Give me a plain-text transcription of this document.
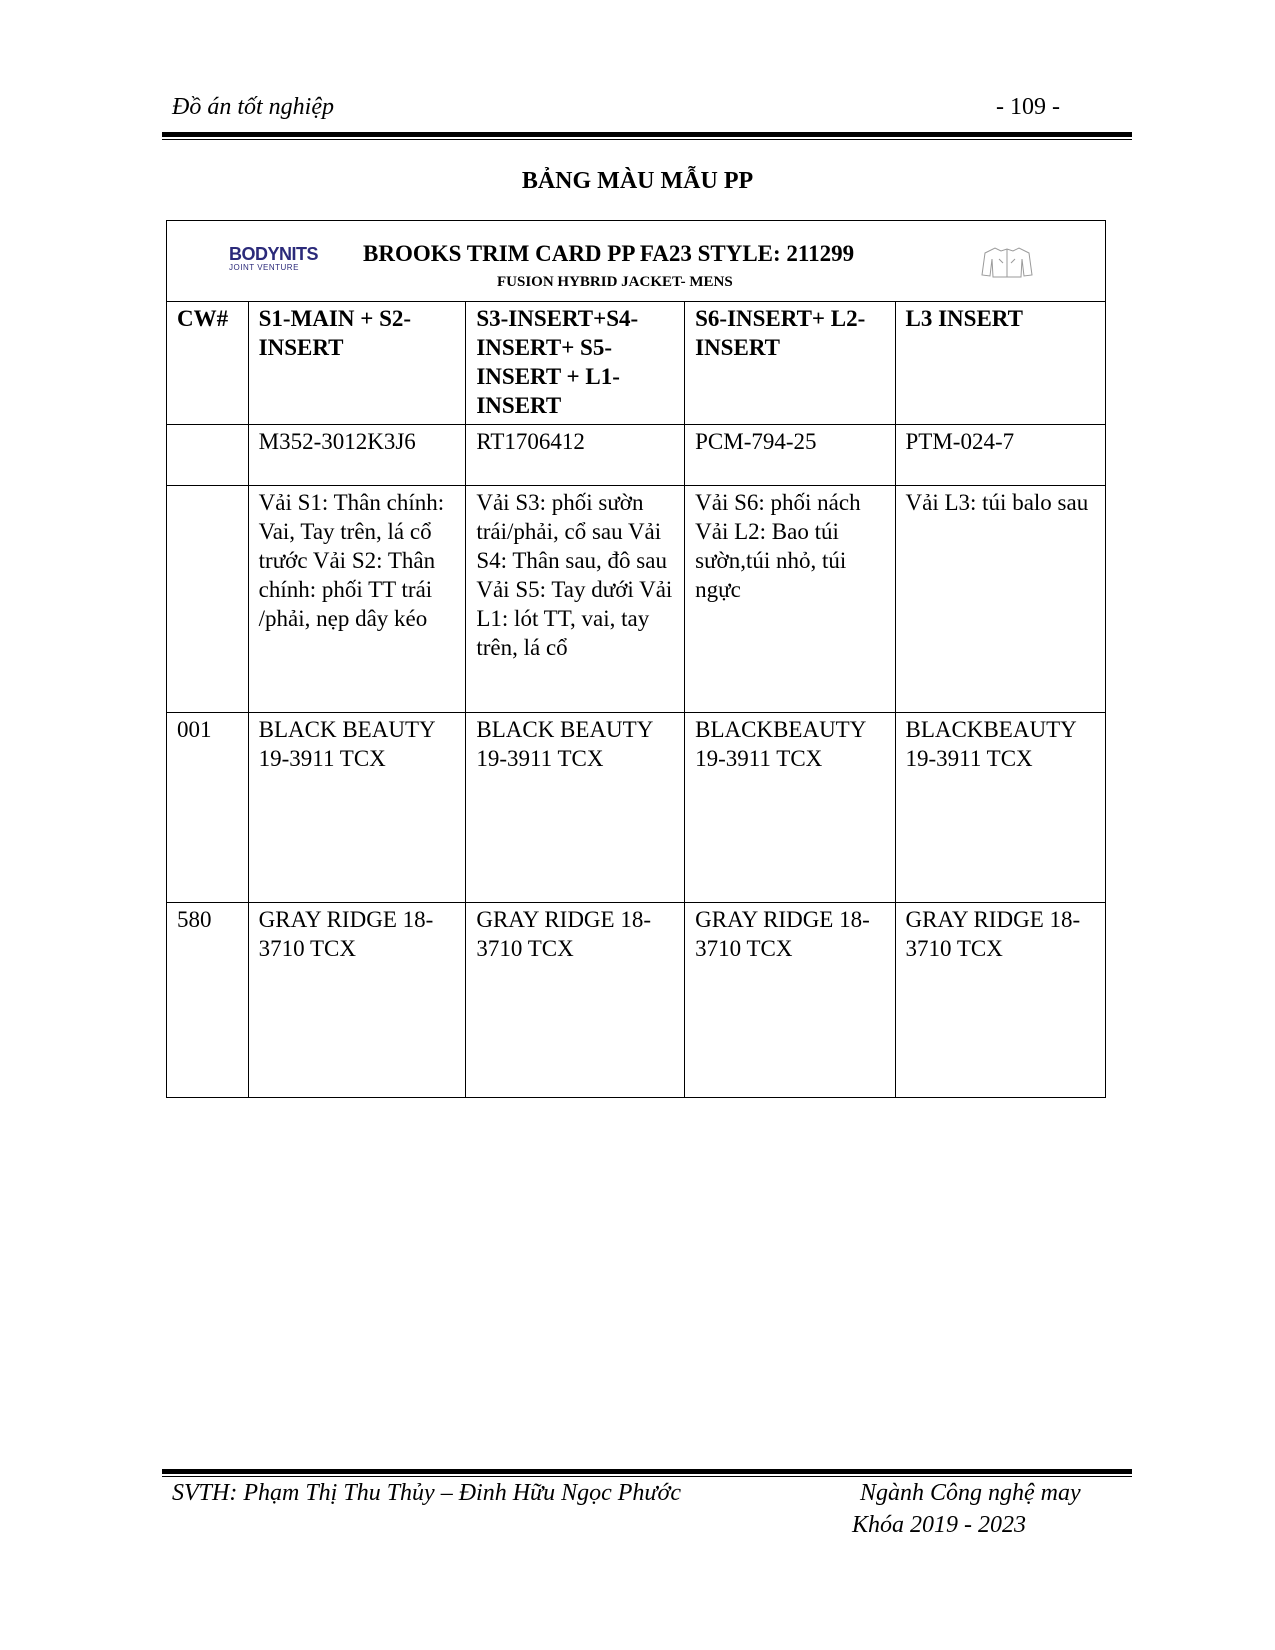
Đồ án tốt nghiệp	- 109 -
BẢNG MÀU MẪU PP
BODYNITS
JOINT VENTURE
BROOKS TRIM CARD PP FA23 STYLE: 211299
FUSION HYBRID JACKET- MENS				

CW#	S1-MAIN + S2-INSERT	S3-INSERT+S4-INSERT+ S5-INSERT + L1-INSERT	S6-INSERT+ L2-INSERT	L3 INSERT
	M352-3012K3J6	RT1706412	PCM-794-25	PTM-024-7
	Vải S1: Thân chính: Vai, Tay trên, lá cổ trước Vải S2: Thân chính: phối TT trái /phải, nẹp dây kéo	Vải S3: phối sườn trái/phải, cổ sau Vải S4: Thân sau, đô sau Vải S5: Tay dưới Vải L1: lót TT, vai, tay trên, lá cổ	Vải S6: phối nách Vải L2: Bao túi sườn,túi nhỏ, túi ngực	Vải L3: túi balo sau
001	BLACK BEAUTY 19-3911 TCX	BLACK BEAUTY 19-3911 TCX	BLACKBEAUTY 19-3911 TCX	BLACKBEAUTY 19-3911 TCX
580	GRAY RIDGE 18-3710 TCX	GRAY RIDGE 18-3710 TCX	GRAY RIDGE 18-3710 TCX	GRAY RIDGE 18-3710 TCX
SVTH: Phạm Thị Thu Thủy – Đinh Hữu Ngọc Phước	Ngành Công nghệ may
Khóa 2019 - 2023
